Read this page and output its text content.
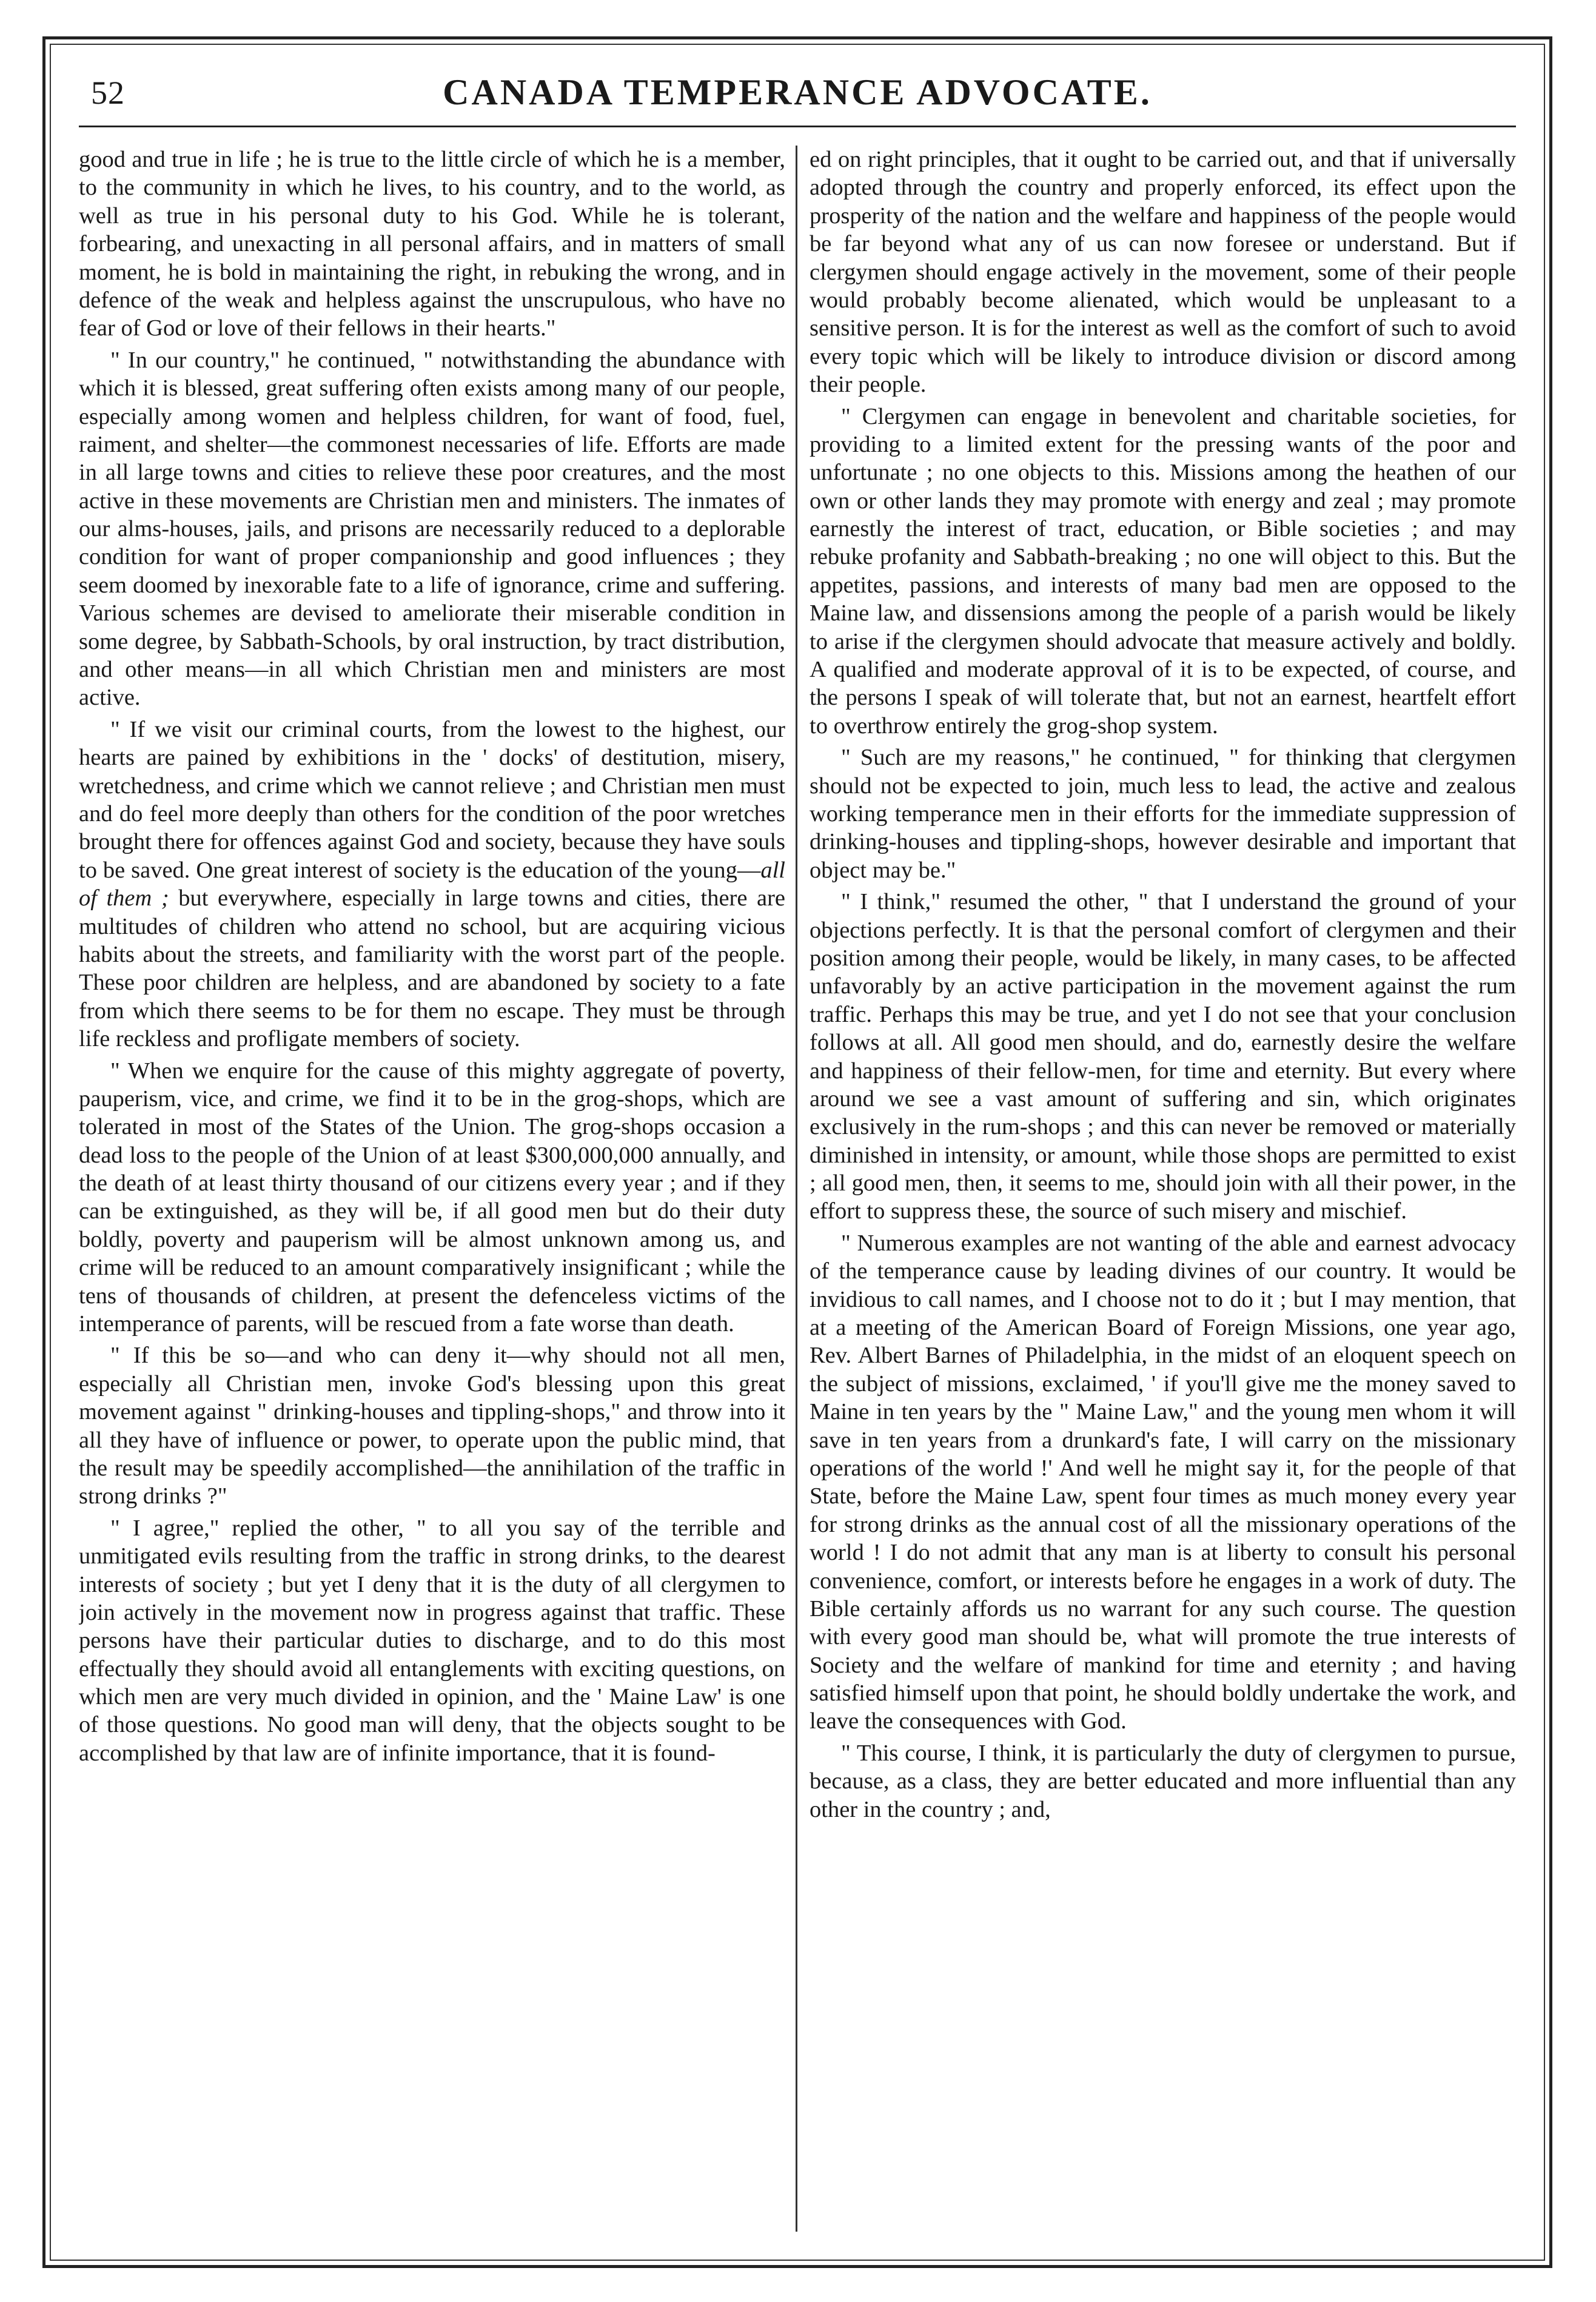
52	CANADA TEMPERANCE ADVOCATE.

good and true in life ; he is true to the little circle of which he is a member, to the community in which he lives, to his country, and to the world, as well as true in his personal duty to his God. While he is tolerant, forbearing, and unexacting in all personal affairs, and in matters of small moment, he is bold in maintaining the right, in rebuking the wrong, and in defence of the weak and helpless against the unscrupulous, who have no fear of God or love of their fellows in their hearts."

" In our country," he continued, " notwithstanding the abundance with which it is blessed, great suffering often exists among many of our people, especially among women and helpless children, for want of food, fuel, raiment, and shelter—the commonest necessaries of life. Efforts are made in all large towns and cities to relieve these poor creatures, and the most active in these movements are Christian men and ministers. The inmates of our alms-houses, jails, and prisons are necessarily reduced to a deplorable condition for want of proper companionship and good influences ; they seem doomed by inexorable fate to a life of ignorance, crime and suffering. Various schemes are devised to ameliorate their miserable condition in some degree, by Sabbath-Schools, by oral instruction, by tract distribution, and other means—in all which Christian men and ministers are most active.

" If we visit our criminal courts, from the lowest to the highest, our hearts are pained by exhibitions in the ' docks' of destitution, misery, wretchedness, and crime which we cannot relieve ; and Christian men must and do feel more deeply than others for the condition of the poor wretches brought there for offences against God and society, because they have souls to be saved. One great interest of society is the education of the young—all of them ; but everywhere, especially in large towns and cities, there are multitudes of children who attend no school, but are acquiring vicious habits about the streets, and familiarity with the worst part of the people. These poor children are helpless, and are abandoned by society to a fate from which there seems to be for them no escape. They must be through life reckless and profligate members of society.

" When we enquire for the cause of this mighty aggregate of poverty, pauperism, vice, and crime, we find it to be in the grog-shops, which are tolerated in most of the States of the Union. The grog-shops occasion a dead loss to the people of the Union of at least $300,000,000 annually, and the death of at least thirty thousand of our citizens every year ; and if they can be extinguished, as they will be, if all good men but do their duty boldly, poverty and pauperism will be almost unknown among us, and crime will be reduced to an amount comparatively insignificant ; while the tens of thousands of children, at present the defenceless victims of the intemperance of parents, will be rescued from a fate worse than death.

" If this be so—and who can deny it—why should not all men, especially all Christian men, invoke God's blessing upon this great movement against " drinking-houses and tippling-shops," and throw into it all they have of influence or power, to operate upon the public mind, that the result may be speedily accomplished—the annihilation of the traffic in strong drinks ?"

" I agree," replied the other, " to all you say of the terrible and unmitigated evils resulting from the traffic in strong drinks, to the dearest interests of society ; but yet I deny that it is the duty of all clergymen to join actively in the movement now in progress against that traffic. These persons have their particular duties to discharge, and to do this most effectually they should avoid all entanglements with exciting questions, on which men are very much divided in opinion, and the ' Maine Law' is one of those questions. No good man will deny, that the objects sought to be accomplished by that law are of infinite importance, that it is found-

ed on right principles, that it ought to be carried out, and that if universally adopted through the country and properly enforced, its effect upon the prosperity of the nation and the welfare and happiness of the people would be far beyond what any of us can now foresee or understand. But if clergymen should engage actively in the movement, some of their people would probably become alienated, which would be unpleasant to a sensitive person. It is for the interest as well as the comfort of such to avoid every topic which will be likely to introduce division or discord among their people.

" Clergymen can engage in benevolent and charitable societies, for providing to a limited extent for the pressing wants of the poor and unfortunate ; no one objects to this. Missions among the heathen of our own or other lands they may promote with energy and zeal ; may promote earnestly the interest of tract, education, or Bible societies ; and may rebuke profanity and Sabbath-breaking ; no one will object to this. But the appetites, passions, and interests of many bad men are opposed to the Maine law, and dissensions among the people of a parish would be likely to arise if the clergymen should advocate that measure actively and boldly. A qualified and moderate approval of it is to be expected, of course, and the persons I speak of will tolerate that, but not an earnest, heartfelt effort to overthrow entirely the grog-shop system.

" Such are my reasons," he continued, " for thinking that clergymen should not be expected to join, much less to lead, the active and zealous working temperance men in their efforts for the immediate suppression of drinking-houses and tippling-shops, however desirable and important that object may be."

" I think," resumed the other, " that I understand the ground of your objections perfectly. It is that the personal comfort of clergymen and their position among their people, would be likely, in many cases, to be affected unfavorably by an active participation in the movement against the rum traffic. Perhaps this may be true, and yet I do not see that your conclusion follows at all. All good men should, and do, earnestly desire the welfare and happiness of their fellow-men, for time and eternity. But every where around we see a vast amount of suffering and sin, which originates exclusively in the rum-shops ; and this can never be removed or materially diminished in intensity, or amount, while those shops are permitted to exist ; all good men, then, it seems to me, should join with all their power, in the effort to suppress these, the source of such misery and mischief.

" Numerous examples are not wanting of the able and earnest advocacy of the temperance cause by leading divines of our country. It would be invidious to call names, and I choose not to do it ; but I may mention, that at a meeting of the American Board of Foreign Missions, one year ago, Rev. Albert Barnes of Philadelphia, in the midst of an eloquent speech on the subject of missions, exclaimed, ' if you'll give me the money saved to Maine in ten years by the " Maine Law," and the young men whom it will save in ten years from a drunkard's fate, I will carry on the missionary operations of the world !' And well he might say it, for the people of that State, before the Maine Law, spent four times as much money every year for strong drinks as the annual cost of all the missionary operations of the world ! I do not admit that any man is at liberty to consult his personal convenience, comfort, or interests before he engages in a work of duty. The Bible certainly affords us no warrant for any such course. The question with every good man should be, what will promote the true interests of Society and the welfare of mankind for time and eternity ; and having satisfied himself upon that point, he should boldly undertake the work, and leave the consequences with God.

" This course, I think, it is particularly the duty of clergymen to pursue, because, as a class, they are better educated and more influential than any other in the country ; and,
